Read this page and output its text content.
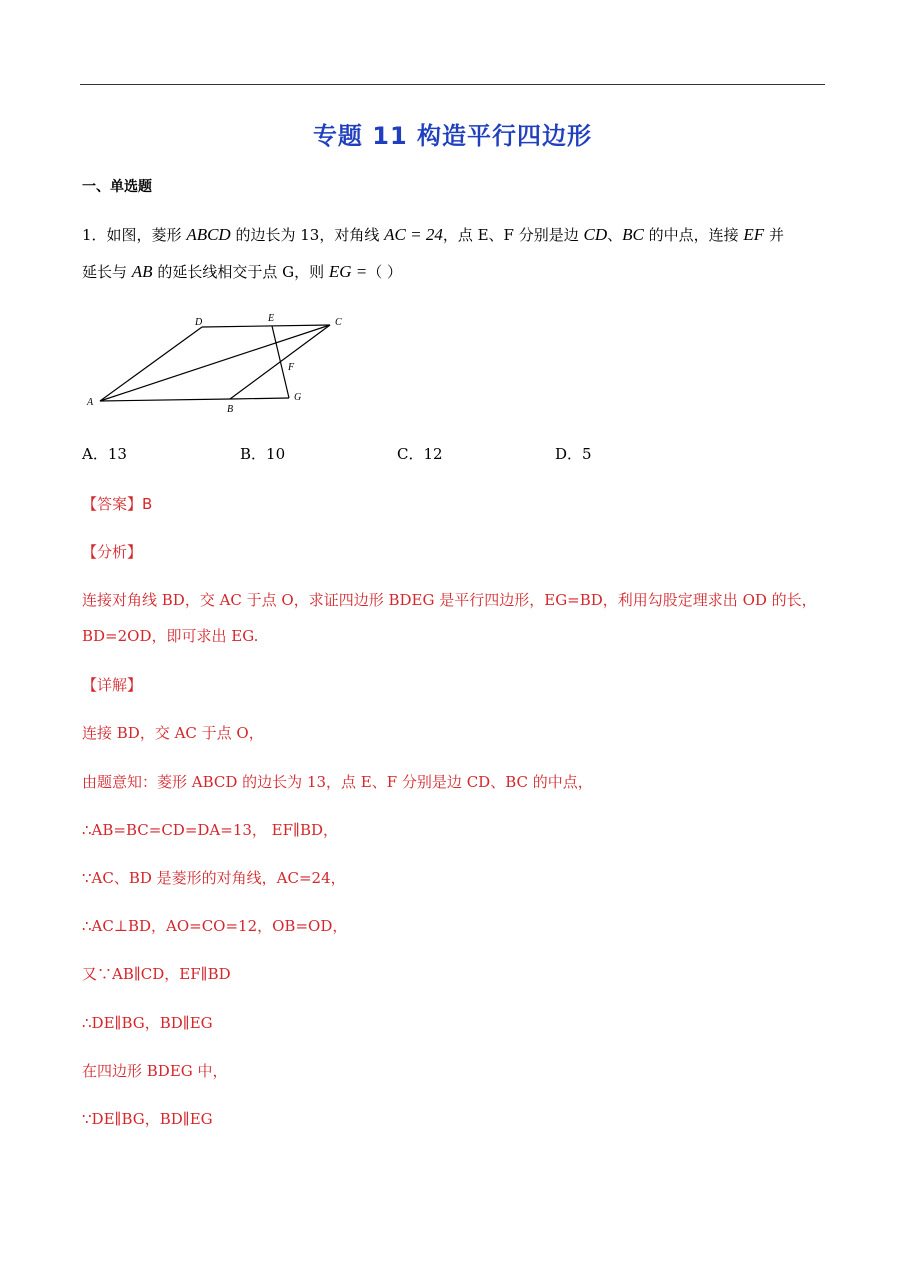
专题 11 构造平行四边形
一、单选题
1．如图，菱形 ABCD 的边长为 13，对角线 AC = 24，点 E、F 分别是边 CD、BC 的中点，连接 EF 并
延长与 AB 的延长线相交于点 G，则 EG =（ ）
A
B
G
C
D	E
F
A．13	B．10	C．12	D．5
【答案】B
【分析】
连接对角线 BD，交 AC 于点 O，求证四边形 BDEG 是平行四边形，EG=BD，利用勾股定理求出 OD 的长，
BD=2OD，即可求出 EG.
【详解】
连接 BD，交 AC 于点 O，
由题意知：菱形 ABCD 的边长为 13，点 E、F 分别是边 CD、BC 的中点，
∴AB=BC=CD=DA=13， EF∥BD，
∵AC、BD 是菱形的对角线，AC=24，
∴AC⊥BD，AO=CO=12，OB=OD，
又∵AB∥CD，EF∥BD
∴DE∥BG，BD∥EG
在四边形 BDEG 中，
∵DE∥BG，BD∥EG
